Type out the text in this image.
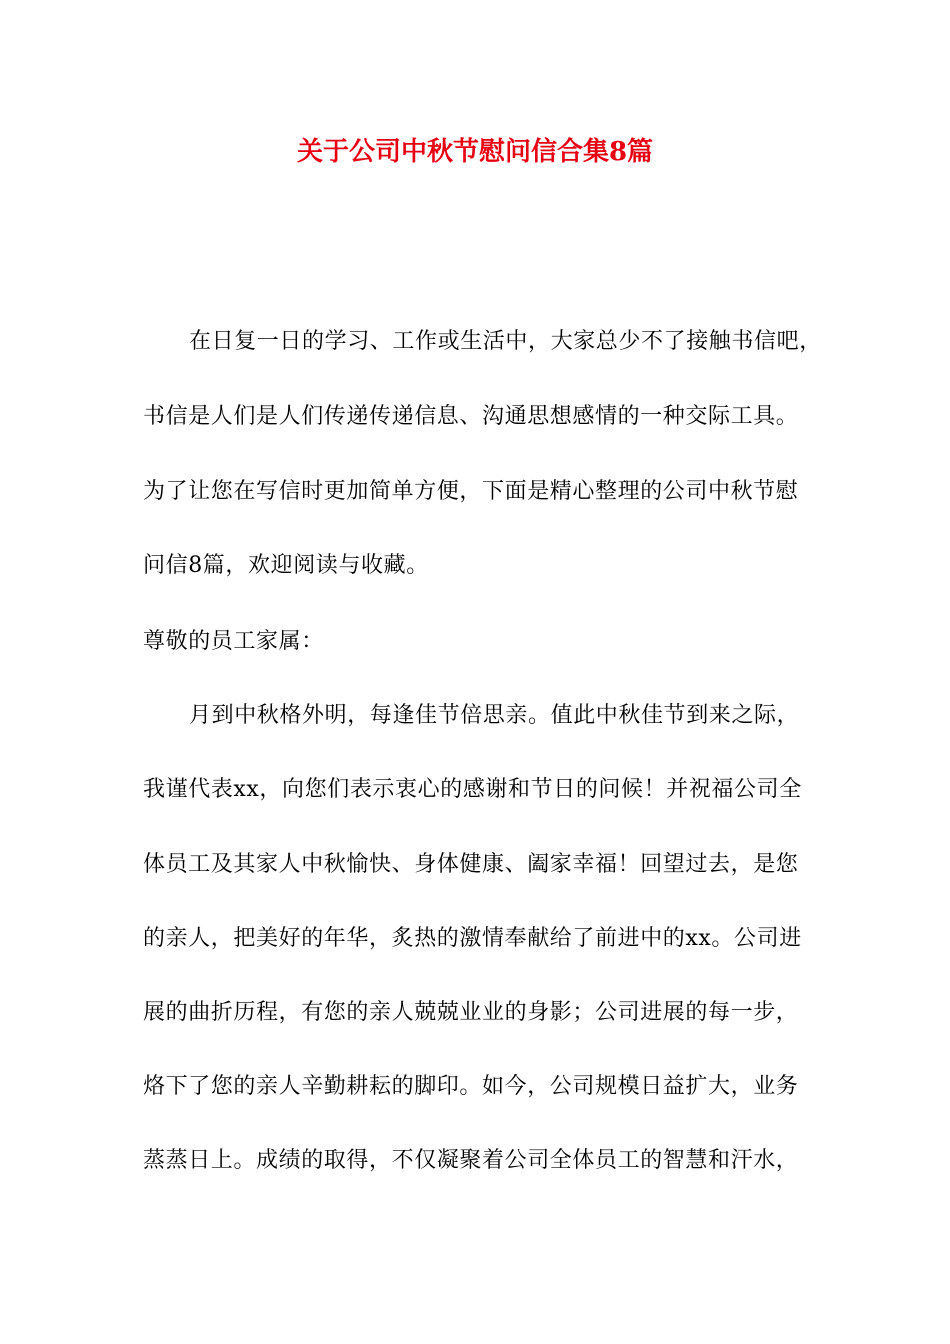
关于公司中秋节慰问信合集8篇
在日复一日的学习、工作或生活中，大家总少不了接触书信吧，
书信是人们是人们传递传递信息、沟通思想感情的一种交际工具。
为了让您在写信时更加简单方便，下面是精心整理的公司中秋节慰
问信8篇，欢迎阅读与收藏。
尊敬的员工家属：
月到中秋格外明，每逢佳节倍思亲。值此中秋佳节到来之际，
我谨代表xx，向您们表示衷心的感谢和节日的问候！并祝福公司全
体员工及其家人中秋愉快、身体健康、阖家幸福！回望过去，是您
的亲人，把美好的年华，炙热的激情奉献给了前进中的xx。公司进
展的曲折历程，有您的亲人兢兢业业的身影；公司进展的每一步，
烙下了您的亲人辛勤耕耘的脚印。如今，公司规模日益扩大，业务
蒸蒸日上。成绩的取得，不仅凝聚着公司全体员工的智慧和汗水，
